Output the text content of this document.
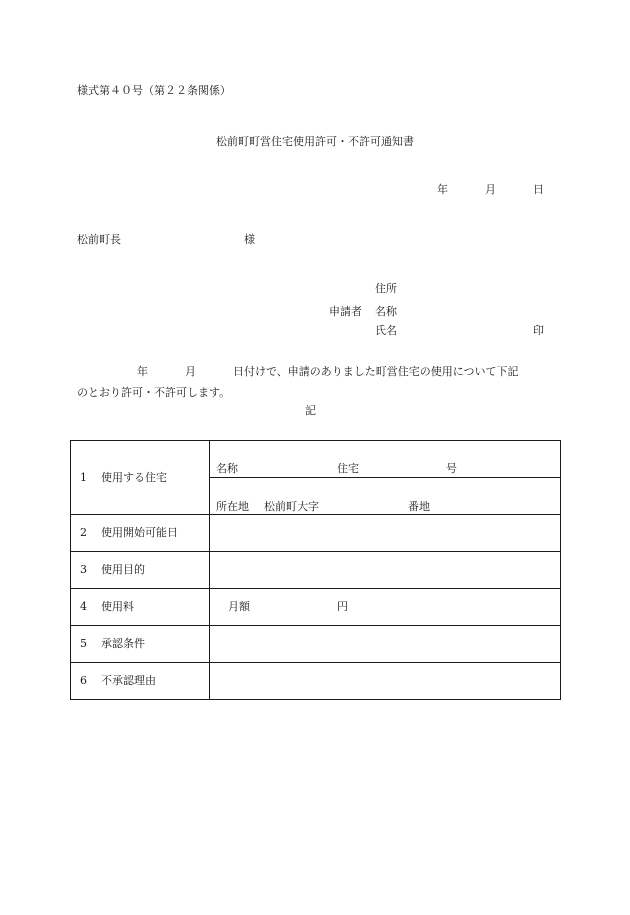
様式第４０号（第２２条関係）
松前町町営住宅使用許可・不許可通知書
年	月	日
松前町長	様
住所
申請者 名称
氏名	印
年	月	日付けで、申請のありました町営住宅の使用について下記
のとおり許可・不許可します。
記
1 使用する住宅	名称 住宅 号

	所在地 松前町大字 番地

2 使用開始可能日	

3 使用目的	

4 使用料	月額 円

5 承認条件	

6 不承認理由	
